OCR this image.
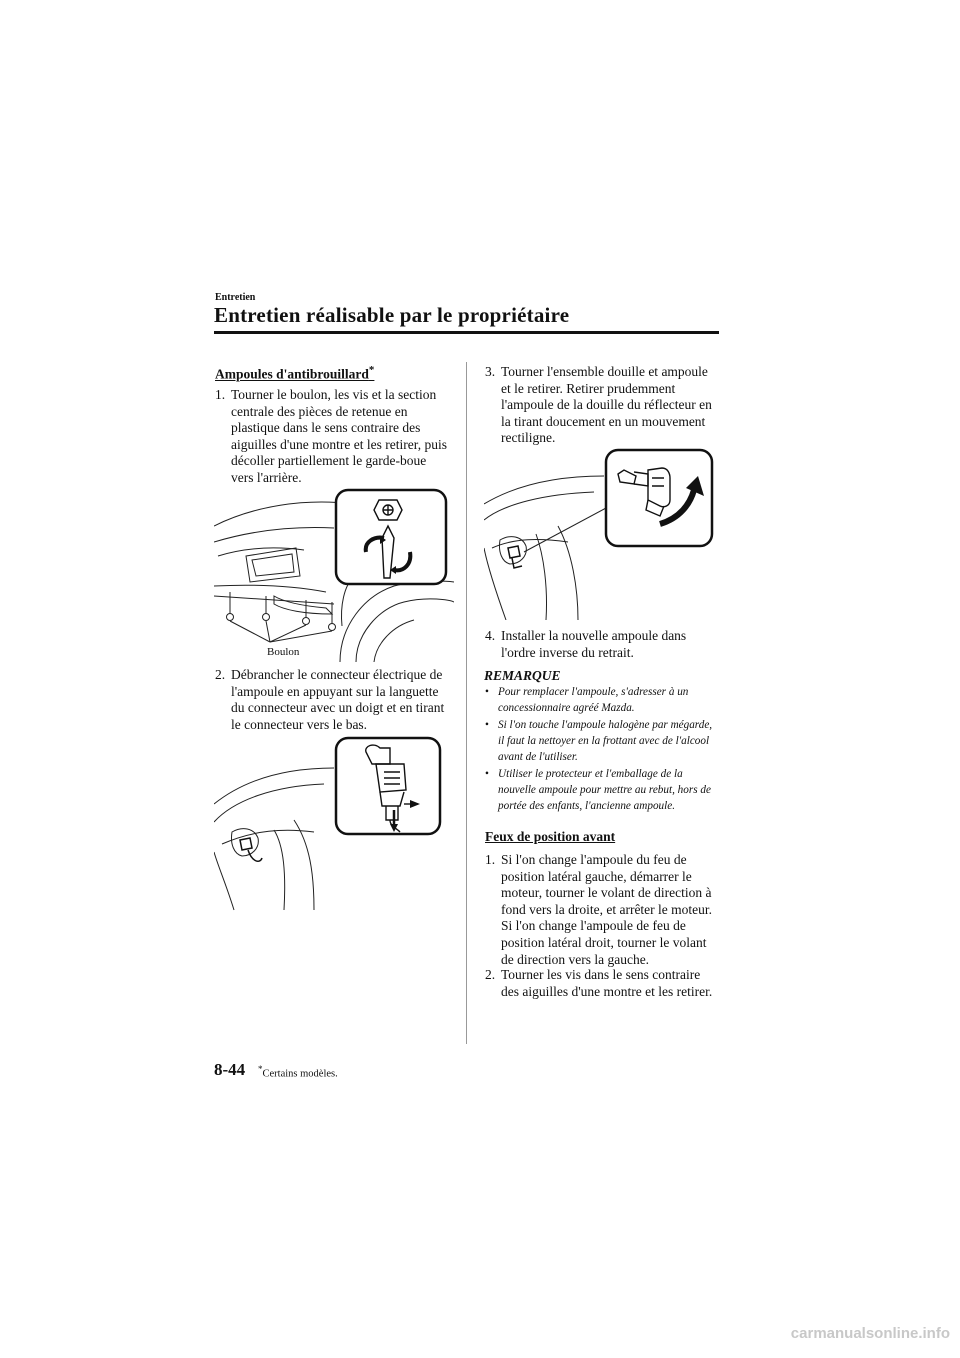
Entretien
Entretien réalisable par le propriétaire
Ampoules d'antibrouillard*
1. Tourner le boulon, les vis et la section centrale des pièces de retenue en plastique dans le sens contraire des aiguilles d'une montre et les retirer, puis décoller partiellement le garde-boue vers l'arrière.
Boulon
2. Débrancher le connecteur électrique de l'ampoule en appuyant sur la languette du connecteur avec un doigt et en tirant le connecteur vers le bas.
3. Tourner l'ensemble douille et ampoule et le retirer. Retirer prudemment l'ampoule de la douille du réflecteur en la tirant doucement en un mouvement rectiligne.
4. Installer la nouvelle ampoule dans l'ordre inverse du retrait.
REMARQUE
• Pour remplacer l'ampoule, s'adresser à un concessionnaire agréé Mazda.
• Si l'on touche l'ampoule halogène par mégarde, il faut la nettoyer en la frottant avec de l'alcool avant de l'utiliser.
• Utiliser le protecteur et l'emballage de la nouvelle ampoule pour mettre au rebut, hors de portée des enfants, l'ancienne ampoule.
Feux de position avant
1. Si l'on change l'ampoule du feu de position latéral gauche, démarrer le moteur, tourner le volant de direction à fond vers la droite, et arrêter le moteur. Si l'on change l'ampoule de feu de position latéral droit, tourner le volant de direction vers la gauche.
2. Tourner les vis dans le sens contraire des aiguilles d'une montre et les retirer.
8-44 *Certains modèles.
carmanualsonline.info
